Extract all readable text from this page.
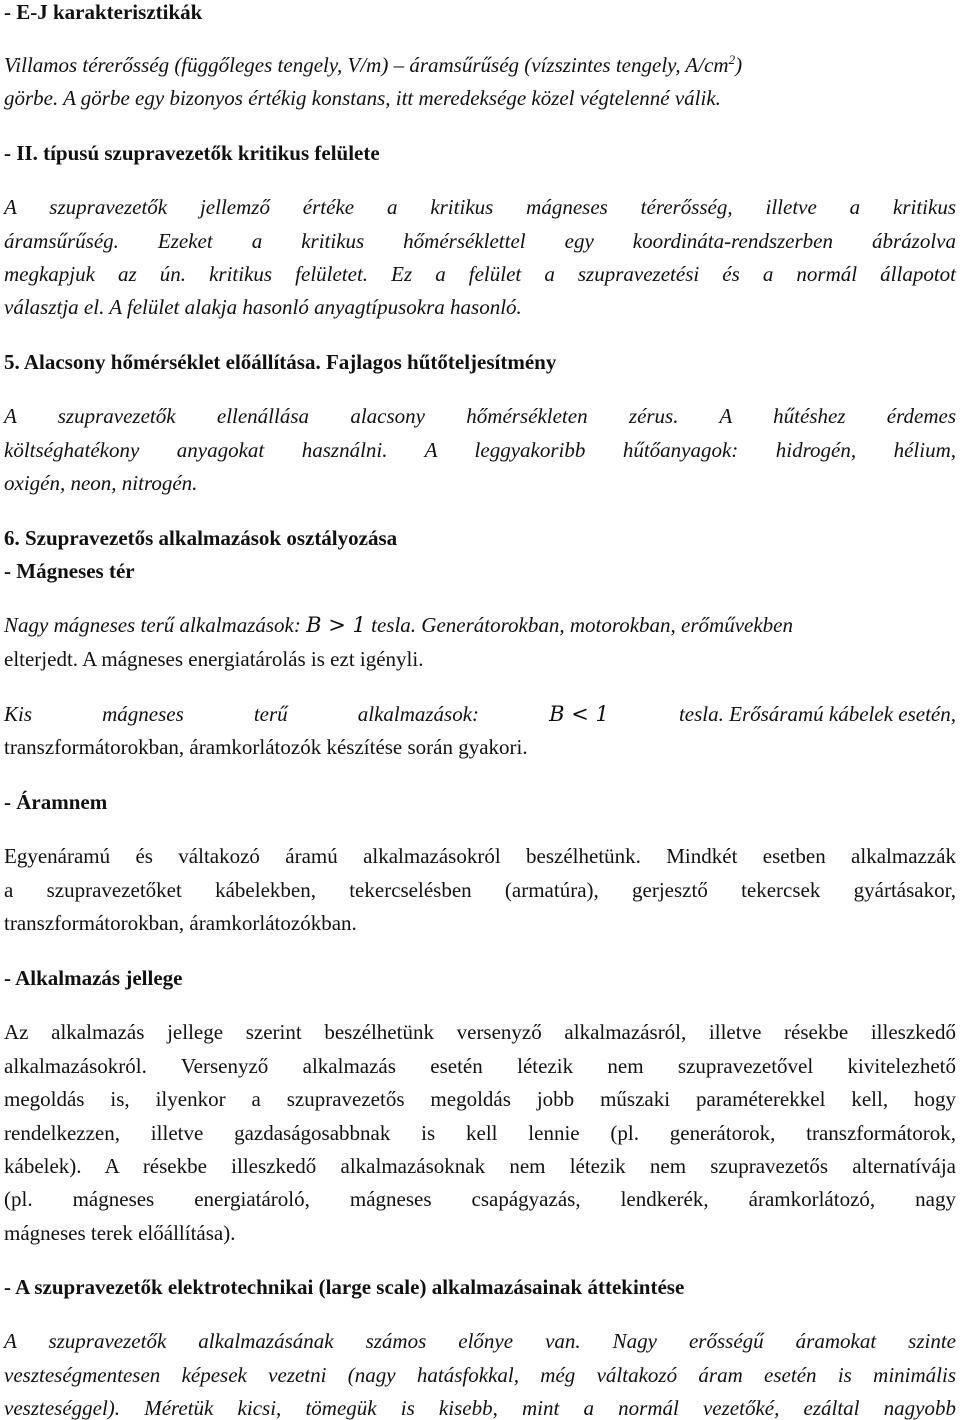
- E-J karakterisztikák
Villamos térerősség (függőleges tengely, V/m) – áramsűrűség (vízszintes tengely, $A/cm^2$)
görbe. A görbe egy bizonyos értékig konstans, itt meredeksége közel végtelenné válik.
- II. típusú szupravezetők kritikus felülete
A szupravezetők jellemző értéke a kritikus mágneses térerősség, illetve a kritikus
áramsűrűség. Ezeket a kritikus hőmérséklettel egy koordináta-rendszerben ábrázolva
megkapjuk az ún. kritikus felületet. Ez a felület a szupravezetési és a normál állapotot
választja el. A felület alakja hasonló anyagtípusokra hasonló.
5. Alacsony hőmérséklet előállítása. Fajlagos hűtőteljesítmény
A szupravezetők ellenállása alacsony hőmérsékleten zérus. A hűtéshez érdemes
költséghatékony anyagokat használni. A leggyakoribb hűtőanyagok: hidrogén, hélium,
oxigén, neon, nitrogén.
6. Szupravezetős alkalmazások osztályozása
- Mágneses tér
Nagy mágneses terű alkalmazások: B > 1 tesla. Generátorokban, motorokban, erőművekben
elterjedt. A mágneses energiatárolás is ezt igényli.
Kis	mágneses	terű	alkalmazások:	B < 1	tesla. Erősáramú kábelek esetén,
transzformátorokban, áramkorlátozók készítése során gyakori.
- Áramnem
Egyenáramú és váltakozó áramú alkalmazásokról beszélhetünk. Mindkét esetben alkalmazzák
a szupravezetőket kábelekben, tekercselésben (armatúra), gerjesztő tekercsek gyártásakor,
transzformátorokban, áramkorlátozókban.
- Alkalmazás jellege
Az alkalmazás jellege szerint beszélhetünk versenyző alkalmazásról, illetve résekbe illeszkedő
alkalmazásokról. Versenyző alkalmazás esetén létezik nem szupravezetővel kivitelezhető
megoldás is, ilyenkor a szupravezetős megoldás jobb műszaki paraméterekkel kell, hogy
rendelkezzen, illetve gazdaságosabbnak is kell lennie (pl. generátorok, transzformátorok,
kábelek). A résekbe illeszkedő alkalmazásoknak nem létezik nem szupravezetős alternatívája
(pl. mágneses energiatároló, mágneses csapágyazás, lendkerék, áramkorlátozó, nagy
mágneses terek előállítása).
- A szupravezetők elektrotechnikai (large scale) alkalmazásainak áttekintése
A szupravezetők alkalmazásának számos előnye van. Nagy erősségű áramokat szinte
veszteségmentesen képesek vezetni (nagy hatásfokkal, még váltakozó áram esetén is minimális
veszteséggel). Méretük kicsi, tömegük is kisebb, mint a normál vezetőké, ezáltal nagyobb
